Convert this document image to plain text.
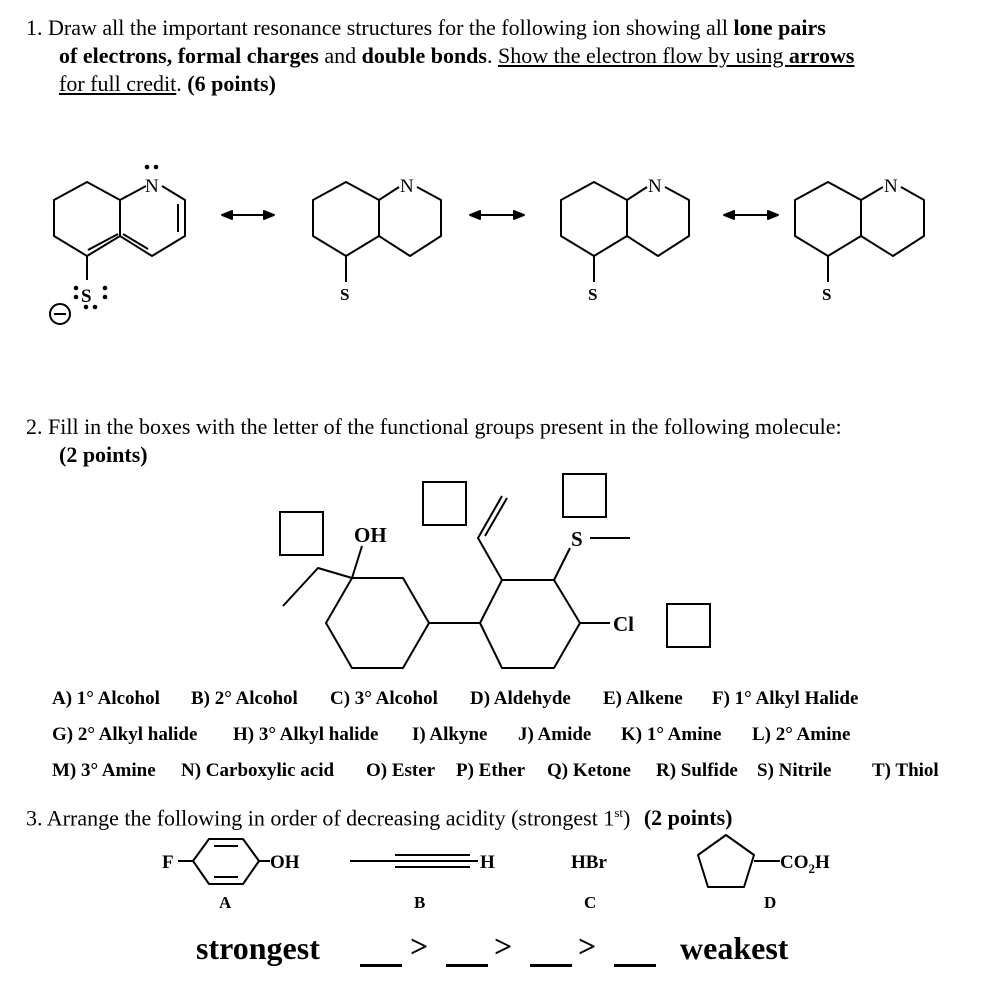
1. Draw all the important resonance structures for the following ion showing all lone pairs
of electrons, formal charges and double bonds. Show the electron flow by using arrows
for full credit. (6 points)
N
S
N
S
N
S
N
S
2. Fill in the boxes with the letter of the functional groups present in the following molecule:
(2 points)
OH	S
Cl
A) 1° Alcohol B) 2° Alcohol C) 3° Alcohol D) Aldehyde E) Alkene F) 1° Alkyl Halide
G) 2° Alkyl halide H) 3° Alkyl halide I) Alkyne J) Amide K) 1° Amine L) 2° Amine
M) 3° Amine N) Carboxylic acid O) Ester P) Ether Q) Ketone R) Sulfide S) Nitrile T) Thiol
3. Arrange the following in order of decreasing acidity (strongest 1st) (2 points)
F	OH	H	HBr	$CO_2H$
A	B	C	D
strongest	> > >	weakest
